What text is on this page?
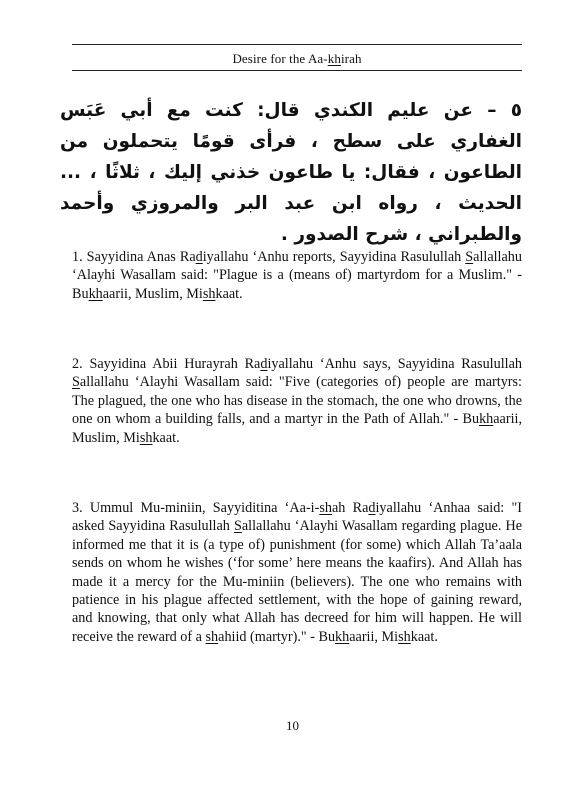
Desire for the Aa-khirah
٥ – عن عليم الكندي قال: كنت مع أبي عَبَس الغفاري على سطح ، فرأى قومًا يتحملون من الطاعون ، فقال: يا طاعون خذني إليك ، ثلاثًا ، ... الحديث ، رواه ابن عبد البر والمروزي وأحمد والطبراني ، شرح الصدور .
1. Sayyidina Anas Radiyallahu ‘Anhu reports, Sayyidina Rasulullah Sallallahu ‘Alayhi Wasallam said: "Plague is a (means of) martyrdom for a Muslim." - Bukhaarii, Muslim, Mishkaat.
2. Sayyidina Abii Hurayrah Radiyallahu ‘Anhu says, Sayyidina Rasulullah Sallallahu ‘Alayhi Wasallam said: "Five (categories of) people are martyrs: The plagued, the one who has disease in the stomach, the one who drowns, the one on whom a building falls, and a martyr in the Path of Allah." - Bukhaarii, Muslim, Mishkaat.
3. Ummul Mu-miniin, Sayyiditina ‘Aa-i-shah Radiyallahu ‘Anhaa said: "I asked Sayyidina Rasulullah Sallallahu ‘Alayhi Wasallam regarding plague. He informed me that it is (a type of) punishment (for some) which Allah Ta’aala sends on whom he wishes (‘for some’ here means the kaafirs). And Allah has made it a mercy for the Mu-miniin (believers). The one who remains with patience in his plague affected settlement, with the hope of gaining reward, and knowing, that only what Allah has decreed for him will happen. He will receive the reward of a shahiid (martyr)." - Bukhaarii, Mishkaat.
10
